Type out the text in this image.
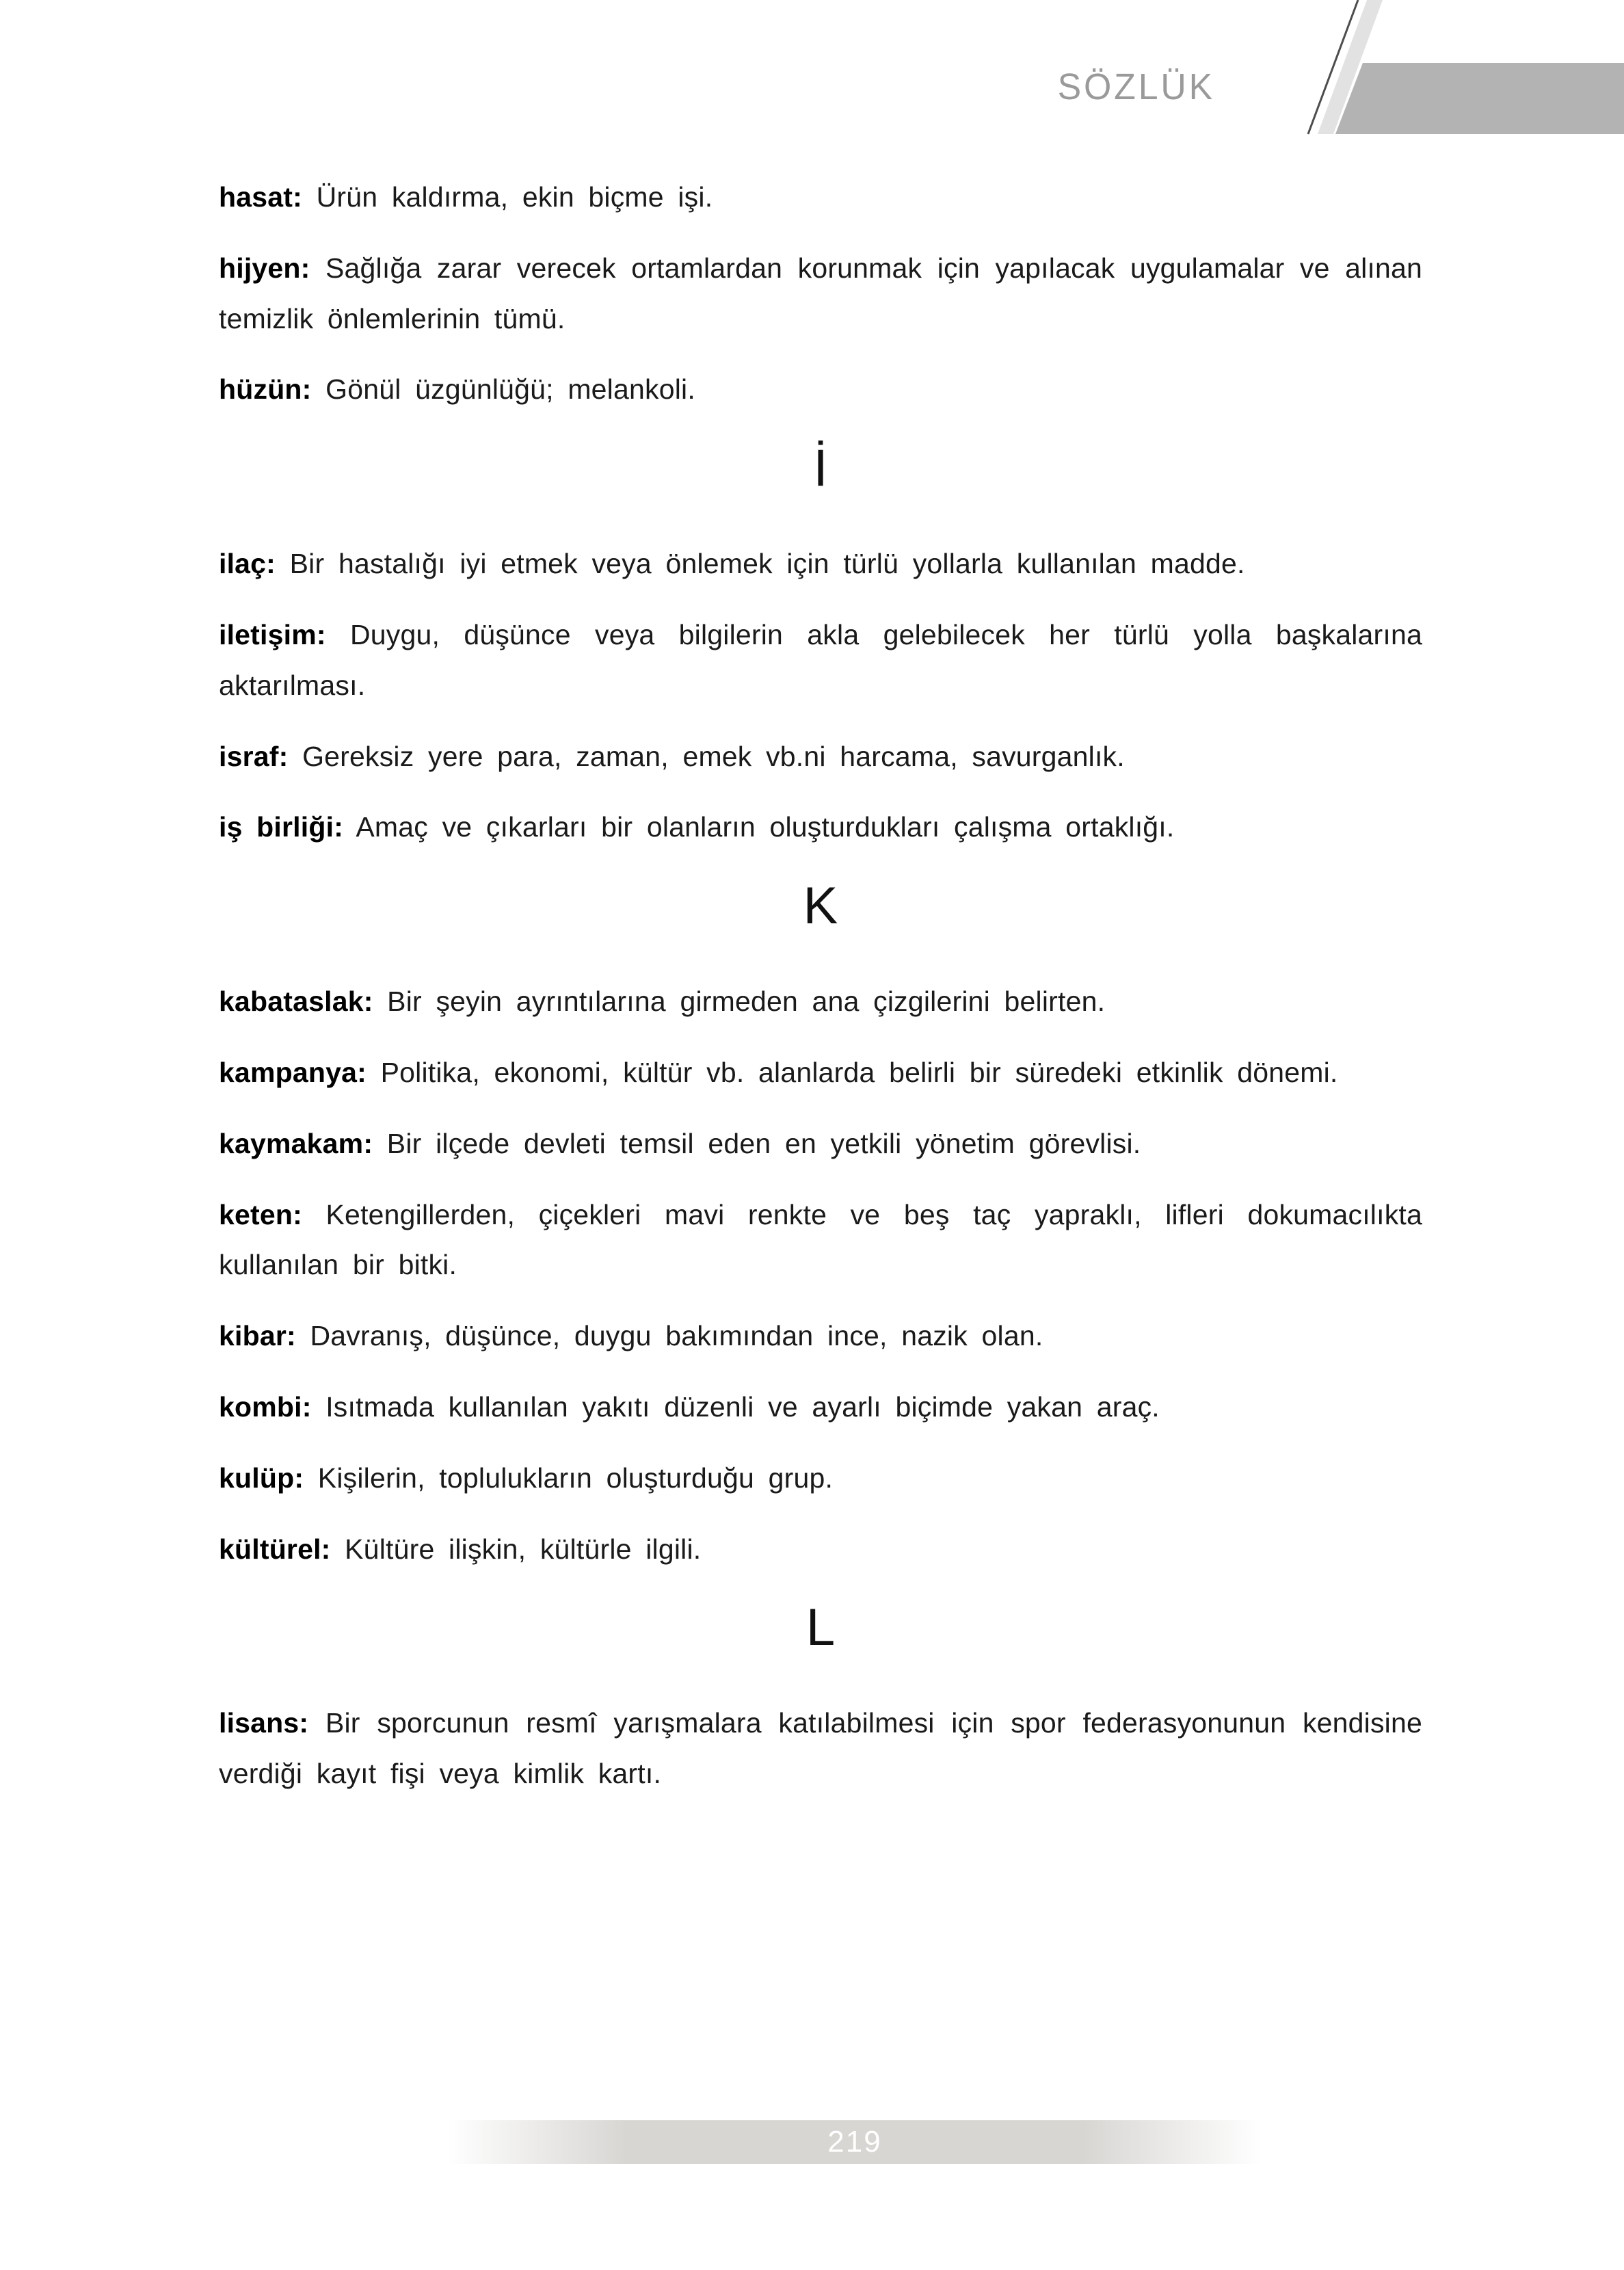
SÖZLÜK

hasat: Ürün kaldırma, ekin biçme işi.

hijyen: Sağlığa zarar verecek ortamlardan korunmak için yapılacak uygulamalar ve alınan temizlik önlemlerinin tümü.

hüzün: Gönül üzgünlüğü; melankoli.

İ

ilaç: Bir hastalığı iyi etmek veya önlemek için türlü yollarla kullanılan madde.

iletişim: Duygu, düşünce veya bilgilerin akla gelebilecek her türlü yolla başkalarına aktarılması.

israf: Gereksiz yere para, zaman, emek vb.ni harcama, savurganlık.

iş birliği: Amaç ve çıkarları bir olanların oluşturdukları çalışma ortaklığı.

K

kabataslak: Bir şeyin ayrıntılarına girmeden ana çizgilerini belirten.

kampanya: Politika, ekonomi, kültür vb. alanlarda belirli bir süredeki etkinlik dönemi.

kaymakam: Bir ilçede devleti temsil eden en yetkili yönetim görevlisi.

keten: Ketengillerden, çiçekleri mavi renkte ve beş taç yapraklı, lifleri dokumacılıkta kullanılan bir bitki.

kibar: Davranış, düşünce, duygu bakımından ince, nazik olan.

kombi: Isıtmada kullanılan yakıtı düzenli ve ayarlı biçimde yakan araç.

kulüp: Kişilerin, toplulukların oluşturduğu grup.

kültürel: Kültüre ilişkin, kültürle ilgili.

L

lisans: Bir sporcunun resmî yarışmalara katılabilmesi için spor federasyonunun kendisine verdiği kayıt fişi veya kimlik kartı.

219
